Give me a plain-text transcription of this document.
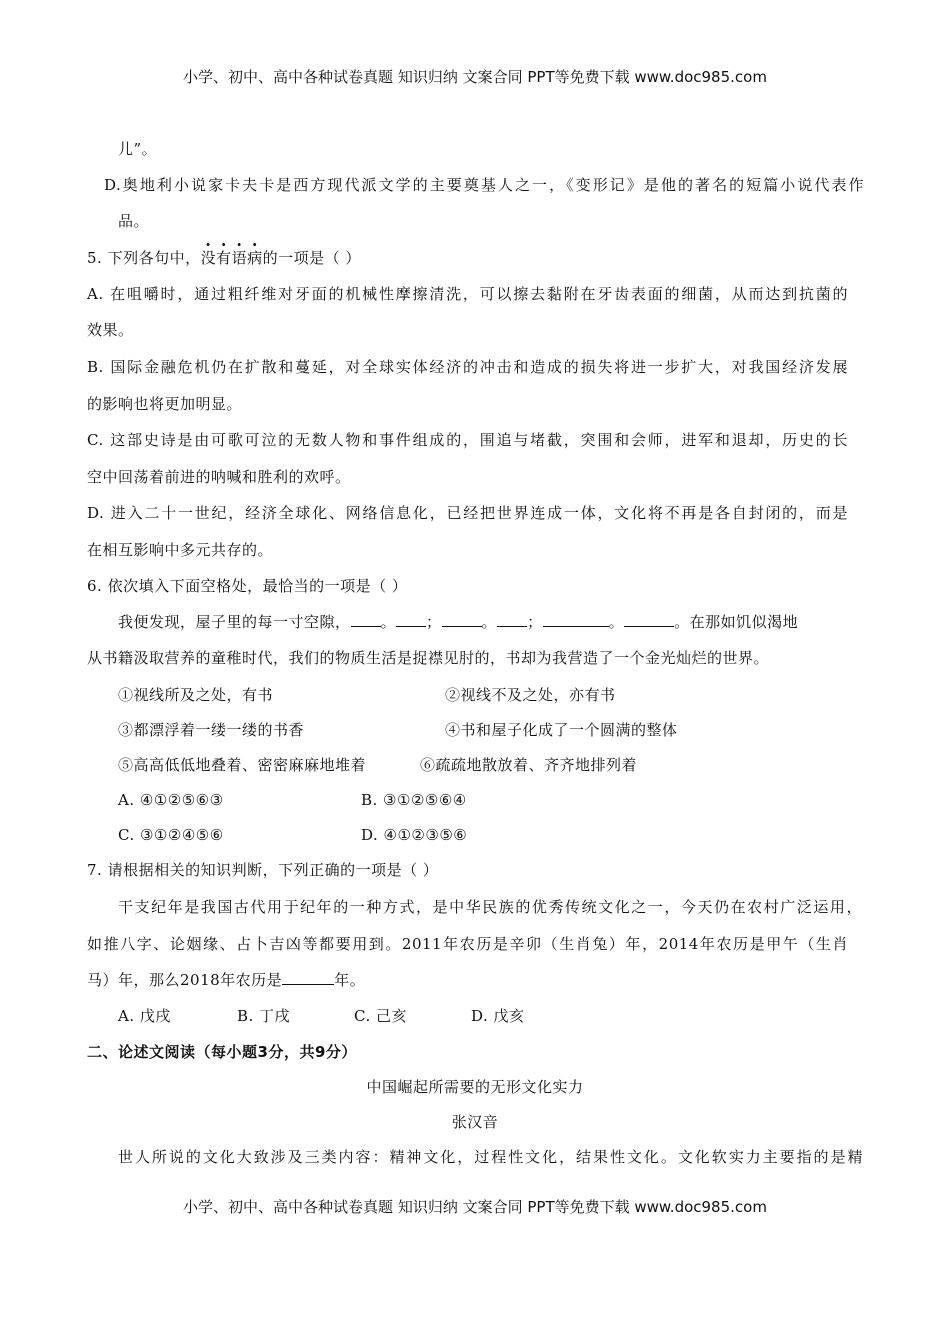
小学、初中、高中各种试卷真题 知识归纳 文案合同 PPT等免费下载 www.doc985.com
儿”。
D.奥地利小说家卡夫卡是西方现代派文学的主要奠基人之一，《变形记》是他的著名的短篇小说代表作
品。
5. 下列各句中，没有语病的一项是（ ）
A. 在咀嚼时，通过粗纤维对牙面的机械性摩擦清洗，可以擦去黏附在牙齿表面的细菌，从而达到抗菌的
效果。
B. 国际金融危机仍在扩散和蔓延，对全球实体经济的冲击和造成的损失将进一步扩大，对我国经济发展
的影响也将更加明显。
C. 这部史诗是由可歌可泣的无数人物和事件组成的，围追与堵截，突围和会师，进军和退却，历史的长
空中回荡着前进的呐喊和胜利的欢呼。
D. 进入二十一世纪，经济全球化、网络信息化，已经把世界连成一体，文化将不再是各自封闭的，而是
在相互影响中多元共存的。
6. 依次填入下面空格处，最恰当的一项是（ ）
我便发现，屋子里的每一寸空隙， 。 ；	。 ；	。	。在那如饥似渴地
从书籍汲取营养的童稚时代，我们的物质生活是捉襟见肘的，书却为我营造了一个金光灿烂的世界。
①视线所及之处，有书	②视线不及之处，亦有书
③都漂浮着一缕一缕的书香	④书和屋子化成了一个圆满的整体
⑤高高低低地叠着、密密麻麻地堆着	⑥疏疏地散放着、齐齐地排列着
A. ④①②⑤⑥③	B. ③①②⑤⑥④
C. ③①②④⑤⑥	D. ④①②③⑤⑥
7. 请根据相关的知识判断，下列正确的一项是（ ）
干支纪年是我国古代用于纪年的一种方式，是中华民族的优秀传统文化之一，今天仍在农村广泛运用，
如推八字、论姻缘、占卜吉凶等都要用到。2011年农历是辛卯（生肖兔）年，2014年农历是甲午（生肖
马）年，那么2018年农历是	年。
A. 戊戌	B. 丁戌	C. 己亥	D. 戊亥
二、论述文阅读（每小题3分，共9分）
中国崛起所需要的无形文化实力
张汉音
世人所说的文化大致涉及三类内容：精神文化，过程性文化，结果性文化。文化软实力主要指的是精
小学、初中、高中各种试卷真题 知识归纳 文案合同 PPT等免费下载 www.doc985.com
